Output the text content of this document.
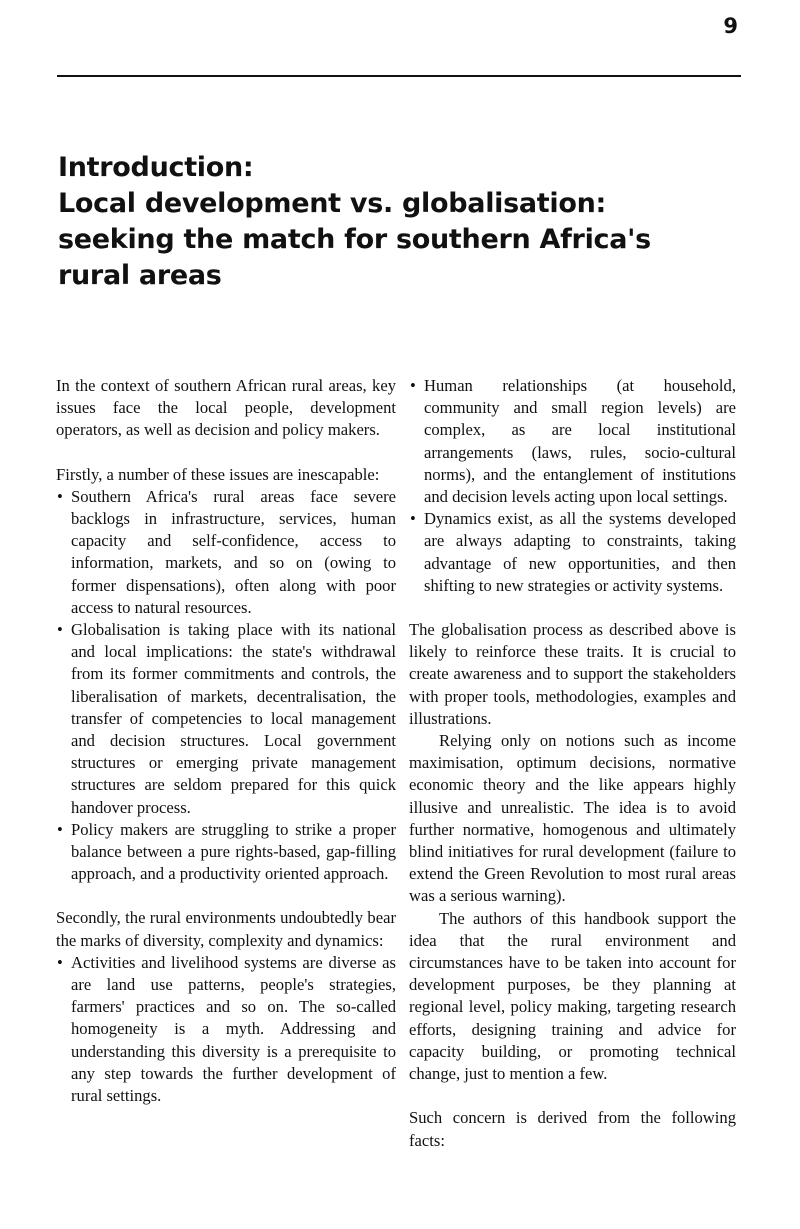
9
Introduction:
Local development vs. globalisation:
seeking the match for southern Africa's
rural areas

In the context of southern African rural areas, key issues face the local people, development operators, as well as decision and policy makers.

Firstly, a number of these issues are inescapable:

• Southern Africa's rural areas face severe backlogs in infrastructure, services, human capacity and self-confidence, access to information, markets, and so on (owing to former dispensations), often along with poor access to natural resources.
• Globalisation is taking place with its national and local implications: the state's withdrawal from its former commitments and controls, the liberalisation of markets, decentralisation, the transfer of competencies to local management and decision structures. Local government structures or emerging private management structures are seldom prepared for this quick handover process.
• Policy makers are struggling to strike a proper balance between a pure rights-based, gap-filling approach, and a productivity oriented approach.

Secondly, the rural environments undoubtedly bear the marks of diversity, complexity and dynamics:

• Activities and livelihood systems are diverse as are land use patterns, people's strategies, farmers' practices and so on. The so-called homogeneity is a myth. Addressing and understanding this diversity is a prerequisite to any step towards the further development of rural settings.
• Human relationships (at household, community and small region levels) are complex, as are local institutional arrangements (laws, rules, socio-cultural norms), and the entanglement of institutions and decision levels acting upon local settings.
• Dynamics exist, as all the systems developed are always adapting to constraints, taking advantage of new opportunities, and then shifting to new strategies or activity systems.

The globalisation process as described above is likely to reinforce these traits. It is crucial to create awareness and to support the stakeholders with proper tools, methodologies, examples and illustrations.

Relying only on notions such as income maximisation, optimum decisions, normative economic theory and the like appears highly illusive and unrealistic. The idea is to avoid further normative, homogenous and ultimately blind initiatives for rural development (failure to extend the Green Revolution to most rural areas was a serious warning).

The authors of this handbook support the idea that the rural environment and circumstances have to be taken into account for development purposes, be they planning at regional level, policy making, targeting research efforts, designing training and advice for capacity building, or promoting technical change, just to mention a few.

Such concern is derived from the following facts:
